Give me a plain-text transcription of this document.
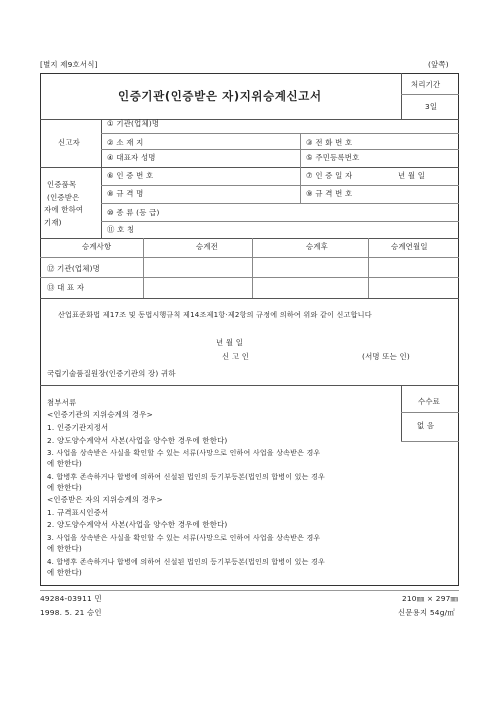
[별지 제9호서식]	(앞쪽)
인증기관(인증받은 자)지위승계신고서
처리기간
3일
신고자
① 기관(업체)명
② 소 재 지	③ 전 화 번 호
④ 대표자 성명	⑤ 주민등록번호
인증품목
(인증받은
자에 한하여
기재)
⑥ 인 증 번 호	⑦ 인 증 일 자	년 월 일
⑧ 규 격 명	⑨ 규 격 번 호
⑩ 종 류 (등 급)
⑪ 호 칭
승계사항	승계전	승계후	승계연월일
⑫ 기관(업체)명
⑬ 대 표 자
산업표준화법 제17조 및 동법시행규칙 제14조제1항·제2항의 규정에 의하여 위와 같이 신고합니다
년 월 일
신 고 인	(서명 또는 인)
국립기술품질원장(인증기관의 장) 귀하
수수료
없 음
첨부서류
<인증기관의 지위승계의 경우>
1. 인증기관지정서
2. 양도양수계약서 사본(사업을 양수한 경우에 한한다)
3. 사업을 상속받은 사실을 확인할 수 있는 서류(사망으로 인하여 사업을 상속받은 경우
에 한한다)
4. 합병후 존속하거나 합병에 의하여 신설된 법인의 등기부등본(법인의 합병이 있는 경우
에 한한다)
<인증받은 자의 지위승계의 경우>
1. 규격표시인증서
2. 양도양수계약서 사본(사업을 양수한 경우에 한한다)
3. 사업을 상속받은 사실을 확인할 수 있는 서류(사망으로 인하여 사업을 상속받은 경우
에 한한다)
4. 합병후 존속하거나 합병에 의하여 신설된 법인의 등기부등본(법인의 합병이 있는 경우
에 한한다)
49284-03911 민
1998. 5. 21 승인
210㎜ × 297㎜
신문용지 54g/㎡
